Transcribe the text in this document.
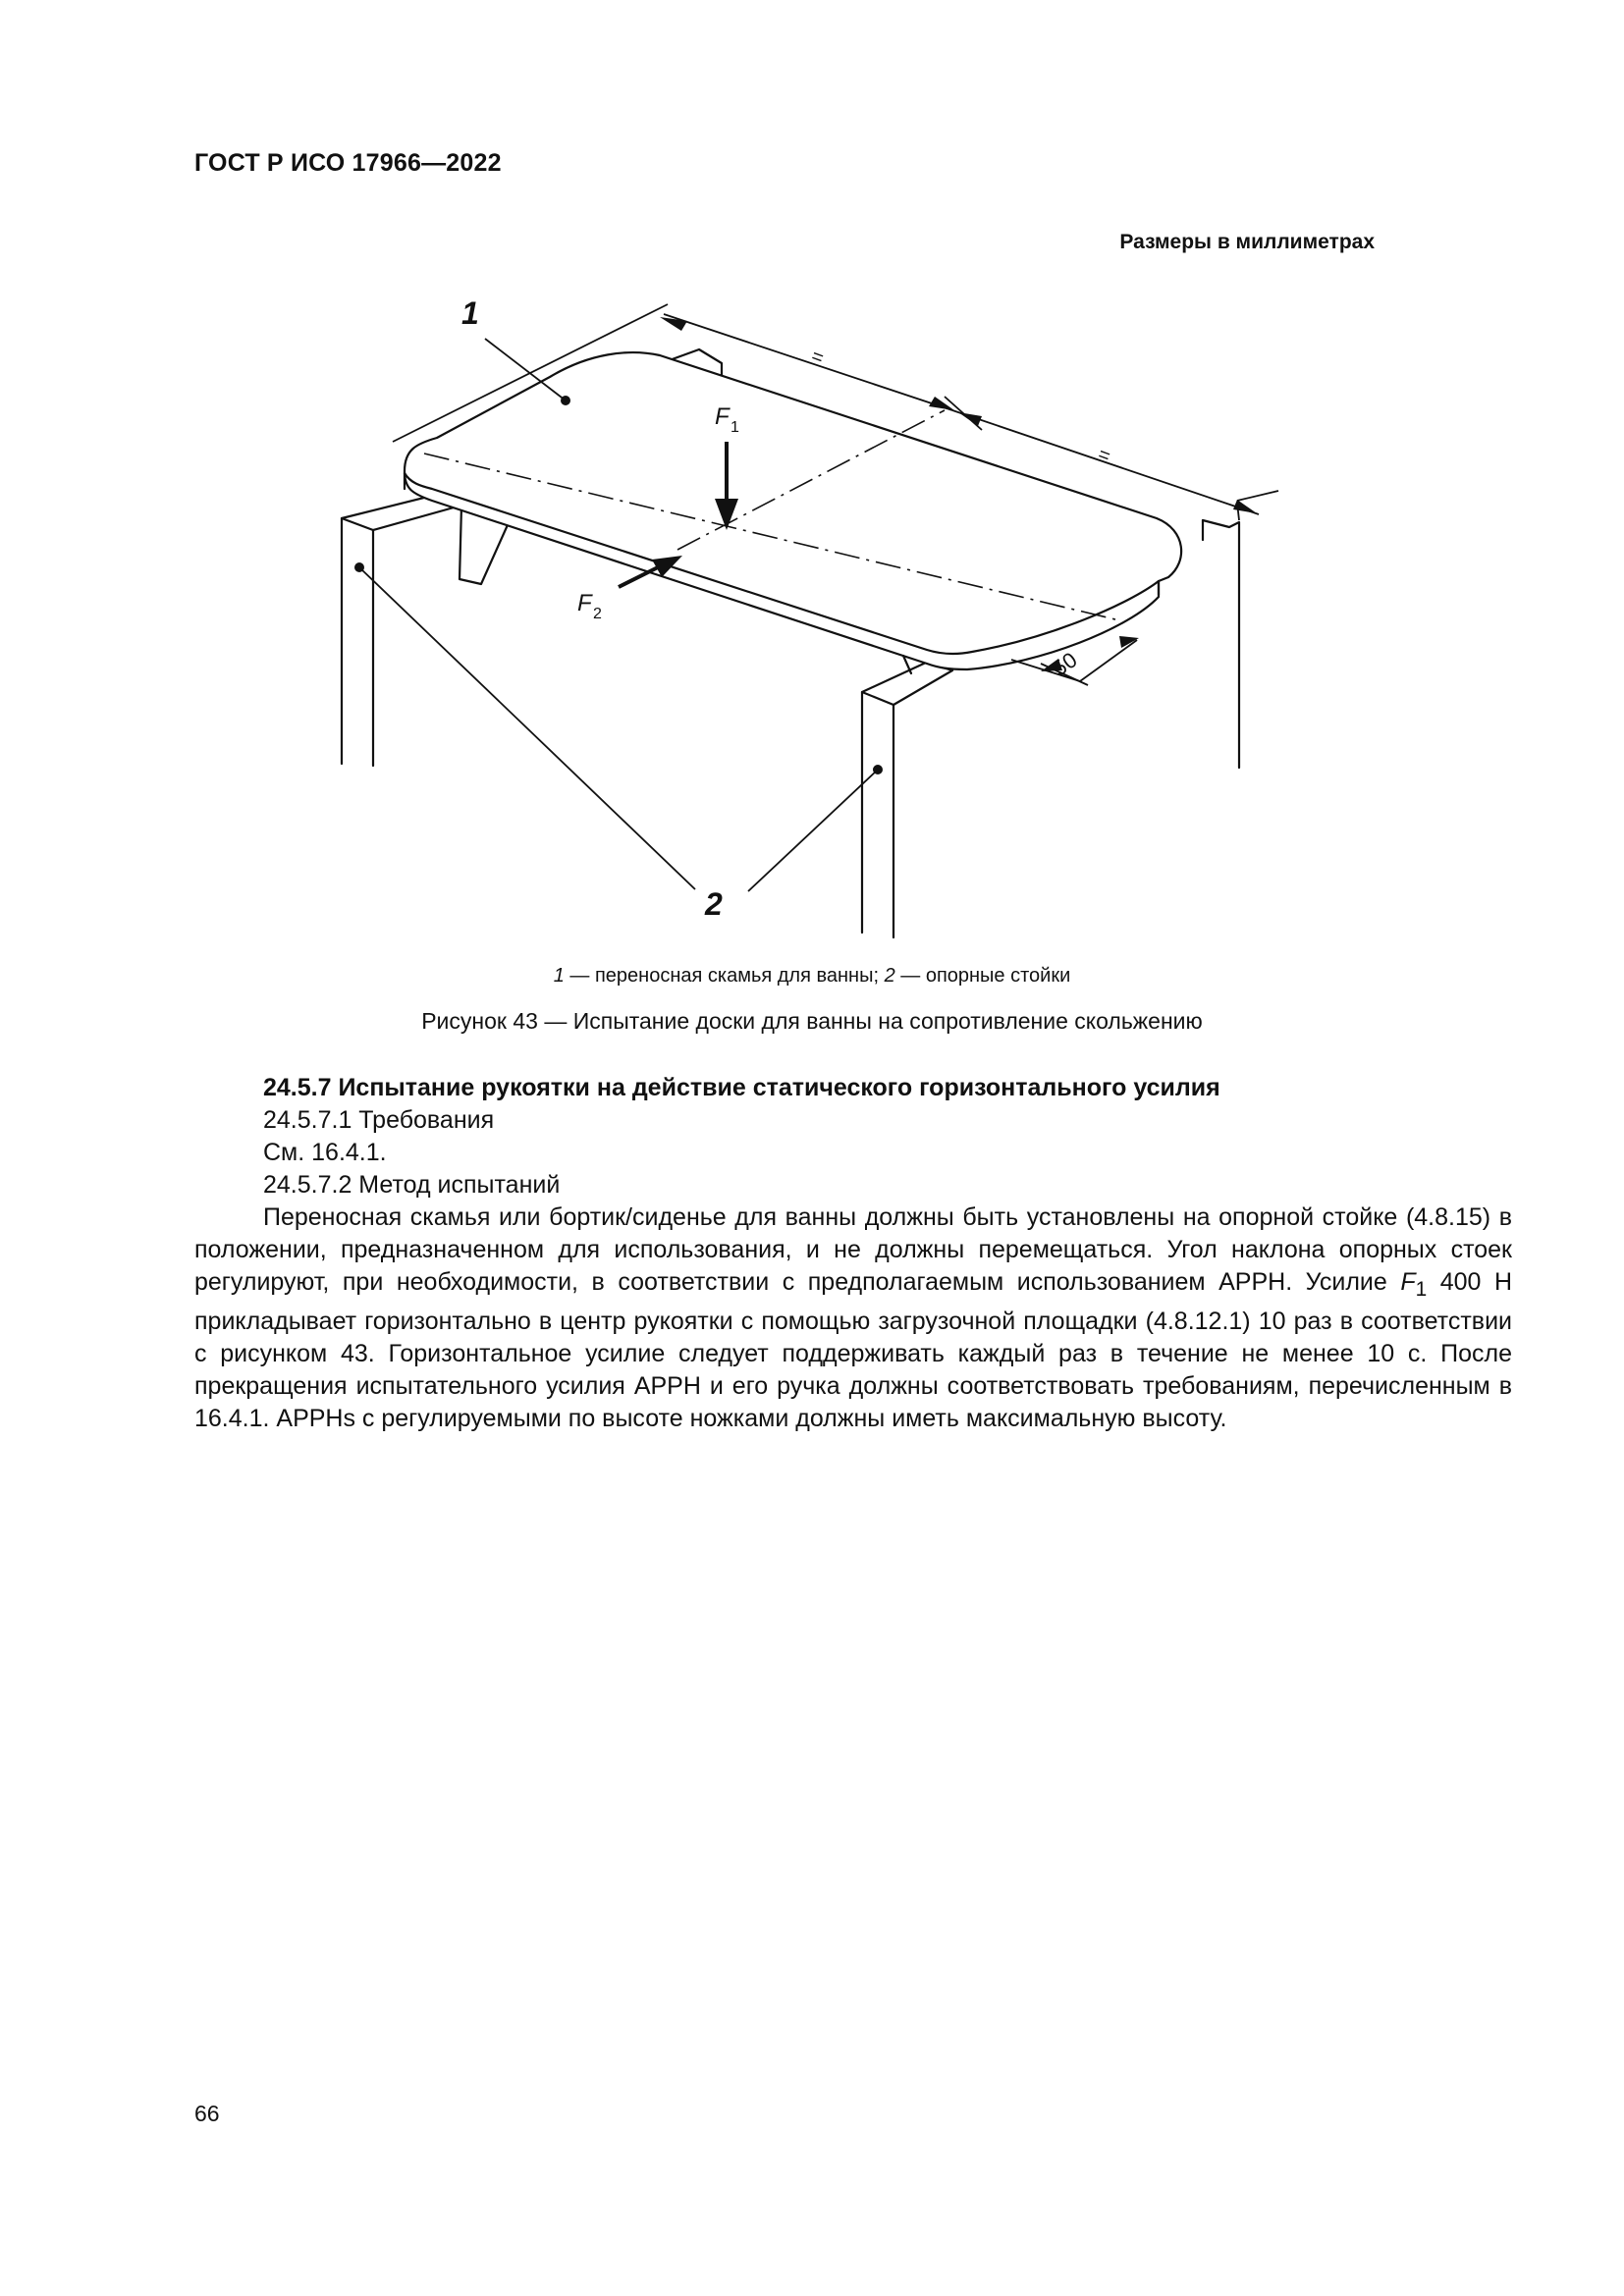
ГОСТ Р ИСО 17966—2022
Размеры в миллиметрах
1
2
F 1
F 2
50
=
=
1 — переносная скамья для ванны; 2 — опорные стойки
Рисунок 43 — Испытание доски для ванны на сопротивление скольжению

24.5.7 Испытание рукоятки на действие статического горизонтального усилия

24.5.7.1 Требования

См. 16.4.1.

24.5.7.2 Метод испытаний

Переносная скамья или бортик/сиденье для ванны должны быть установлены на опорной стойке (4.8.15) в положении, предназначенном для использования, и не должны перемещаться. Угол наклона опорных стоек регулируют, при необходимости, в соответствии с предполагаемым использованием АРРН. Усилие $F_1$ 400 Н прикладывает горизонтально в центр рукоятки с помощью загрузочной площадки (4.8.12.1) 10 раз в соответствии с рисунком 43. Горизонтальное усилие следует поддерживать каждый раз в течение не менее 10 с. После прекращения испытательного усилия АРРН и его ручка должны соответствовать требованиям, перечисленным в 16.4.1. АРРНs с регулируемыми по высоте ножками должны иметь максимальную высоту.

66
